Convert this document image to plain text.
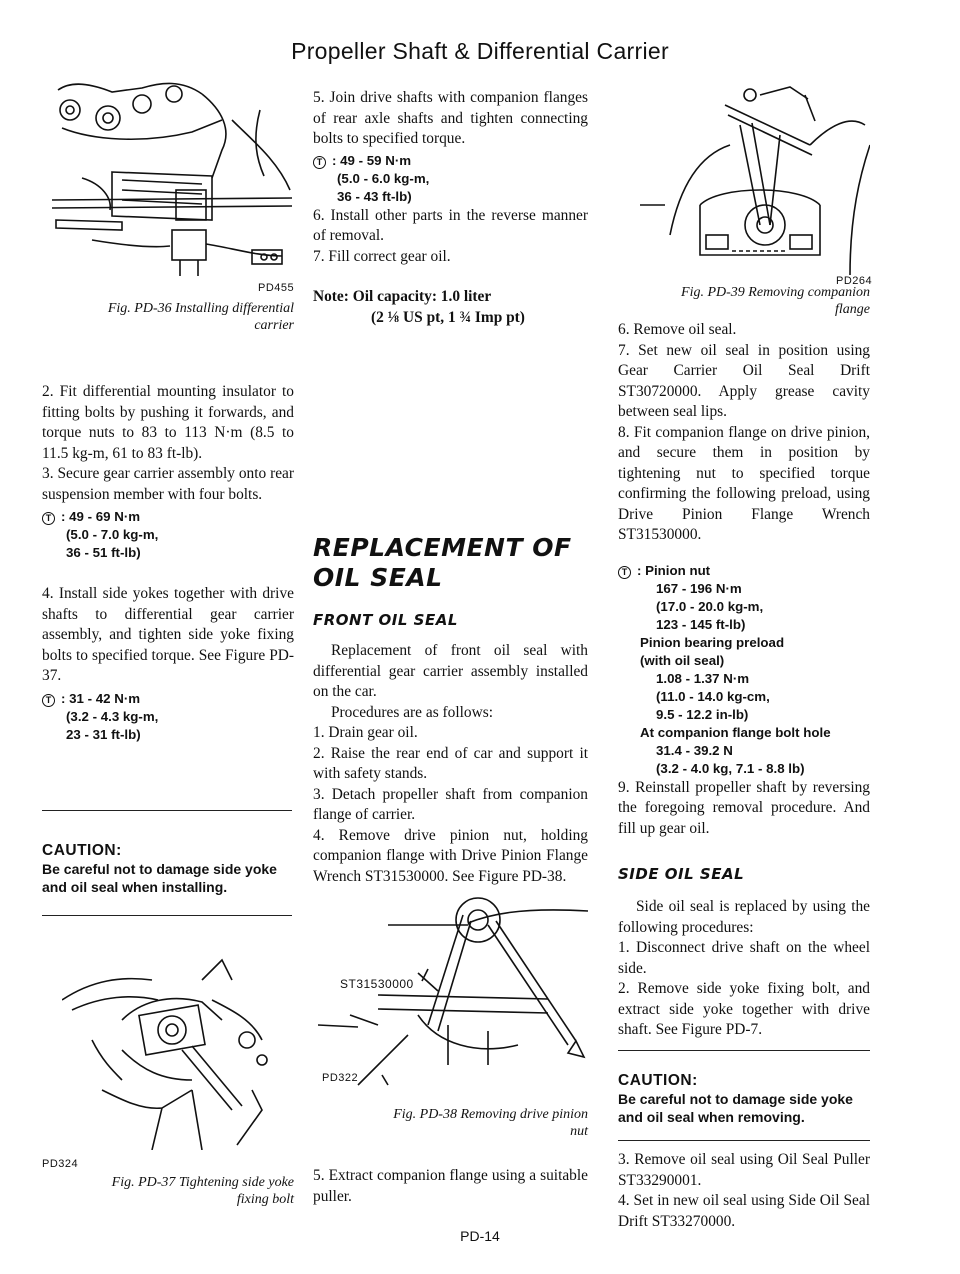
Propeller Shaft & Differential Carrier
PD455

Fig. PD-36 Installing differential

carrier

2. Fit differential mounting insulator to fitting bolts by pushing it forwards, and torque nuts to 83 to 113 N·m (8.5 to 11.5 kg-m, 61 to 83 ft-lb).

3. Secure gear carrier assembly onto rear suspension member with four bolts.

T : 49 - 69 N·m
(5.0 - 7.0 kg-m,
36 - 51 ft-lb)

4. Install side yokes together with drive shafts to differential gear carrier assembly, and tighten side yoke fixing bolts to specified torque. See Figure PD-37.

T : 31 - 42 N·m
(3.2 - 4.3 kg-m,
23 - 31 ft-lb)
CAUTION:
Be careful not to damage side yoke and oil seal when installing.
PD324

Fig. PD-37 Tightening side yoke

fixing bolt

5. Join drive shafts with companion flanges of rear axle shafts and tighten connecting bolts to specified torque.

T : 49 - 59 N·m
(5.0 - 6.0 kg-m,
36 - 43 ft-lb)

6. Install other parts in the reverse manner of removal.

7. Fill correct gear oil.

Note: Oil capacity: 1.0 liter

(2 ⅛ US pt, 1 ¾ Imp pt)

REPLACEMENT OF
OIL SEAL
FRONT OIL SEAL

Replacement of front oil seal with differential gear carrier assembly installed on the car.

Procedures are as follows:

1. Drain gear oil.

2. Raise the rear end of car and support it with safety stands.

3. Detach propeller shaft from companion flange of carrier.

4. Remove drive pinion nut, holding companion flange with Drive Pinion Flange Wrench ST31530000. See Figure PD-38.

ST31530000
PD322

Fig. PD-38 Removing drive pinion

nut

5. Extract companion flange using a suitable puller.

PD264

Fig. PD-39 Removing companion

flange

6. Remove oil seal.

7. Set new oil seal in position using Gear Carrier Oil Seal Drift ST30720000. Apply grease cavity between seal lips.

8. Fit companion flange on drive pinion, and secure them in position by tightening nut to specified torque confirming the following preload, using Drive Pinion Flange Wrench ST31530000.

T : Pinion nut
167 - 196 N·m
(17.0 - 20.0 kg-m,
123 - 145 ft-lb)
Pinion bearing preload
(with oil seal)
1.08 - 1.37 N·m
(11.0 - 14.0 kg-cm,
9.5 - 12.2 in-lb)
At companion flange bolt hole
31.4 - 39.2 N
(3.2 - 4.0 kg, 7.1 - 8.8 lb)

9. Reinstall propeller shaft by reversing the foregoing removal procedure. And fill up gear oil.

SIDE OIL SEAL

Side oil seal is replaced by using the following procedures:

1. Disconnect drive shaft on the wheel side.

2. Remove side yoke fixing bolt, and extract side yoke together with drive shaft. See Figure PD-7.

CAUTION:
Be careful not to damage side yoke and oil seal when removing.

3. Remove oil seal using Oil Seal Puller ST33290001.

4. Set in new oil seal using Side Oil Seal Drift ST33270000.

PD-14
